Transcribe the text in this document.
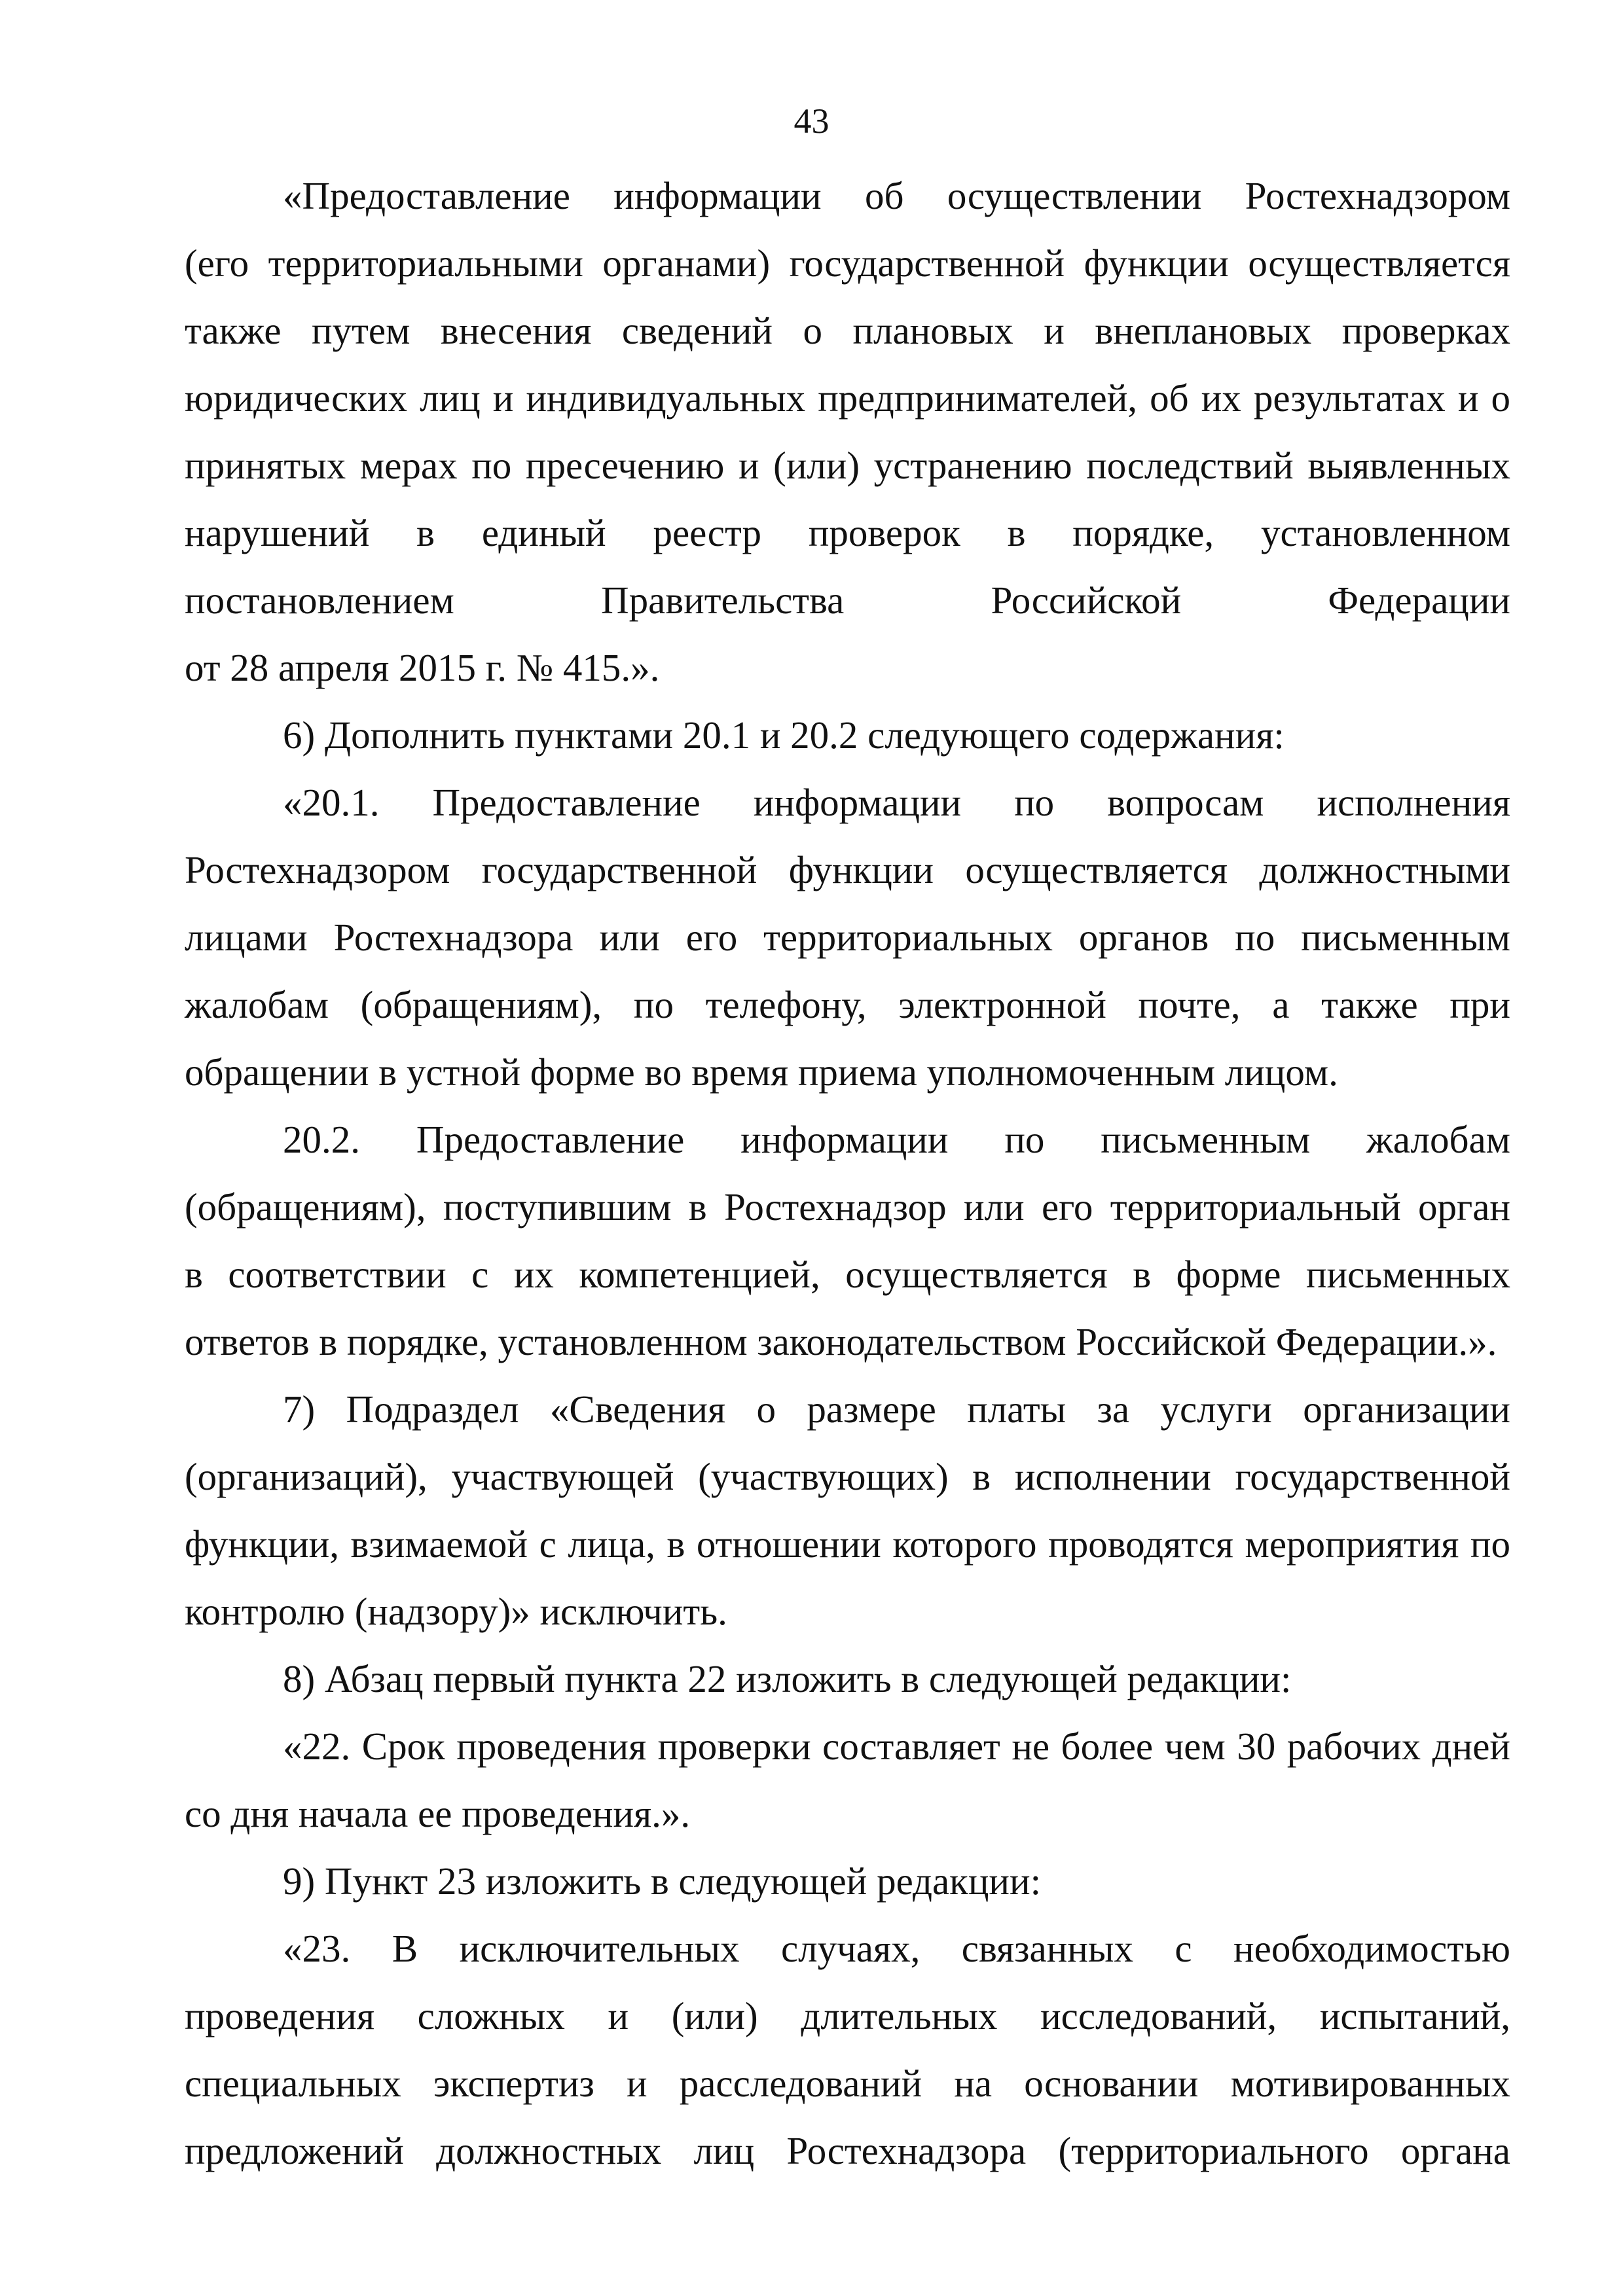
43
«Предоставление информации об осуществлении Ростехнадзором
(его территориальными органами) государственной функции осуществляется
также путем внесения сведений о плановых и внеплановых проверках
юридических лиц и индивидуальных предпринимателей, об их результатах и о
принятых мерах по пресечению и (или) устранению последствий выявленных
нарушений в единый реестр проверок в порядке, установленном
постановлением Правительства Российской Федерации
от 28 апреля 2015 г. № 415.».
6) Дополнить пунктами 20.1 и 20.2 следующего содержания:
«20.1. Предоставление информации по вопросам исполнения
Ростехнадзором государственной функции осуществляется должностными
лицами Ростехнадзора или его территориальных органов по письменным
жалобам (обращениям), по телефону, электронной почте, а также при
обращении в устной форме во время приема уполномоченным лицом.
20.2. Предоставление информации по письменным жалобам
(обращениям), поступившим в Ростехнадзор или его территориальный орган
в соответствии с их компетенцией, осуществляется в форме письменных
ответов в порядке, установленном законодательством Российской Федерации.».
7) Подраздел «Сведения о размере платы за услуги организации
(организаций), участвующей (участвующих) в исполнении государственной
функции, взимаемой с лица, в отношении которого проводятся мероприятия по
контролю (надзору)» исключить.
8) Абзац первый пункта 22 изложить в следующей редакции:
«22. Срок проведения проверки составляет не более чем 30 рабочих дней
со дня начала ее проведения.».
9) Пункт 23 изложить в следующей редакции:
«23. В исключительных случаях, связанных с необходимостью
проведения сложных и (или) длительных исследований, испытаний,
специальных экспертиз и расследований на основании мотивированных
предложений должностных лиц Ростехнадзора (территориального органа
